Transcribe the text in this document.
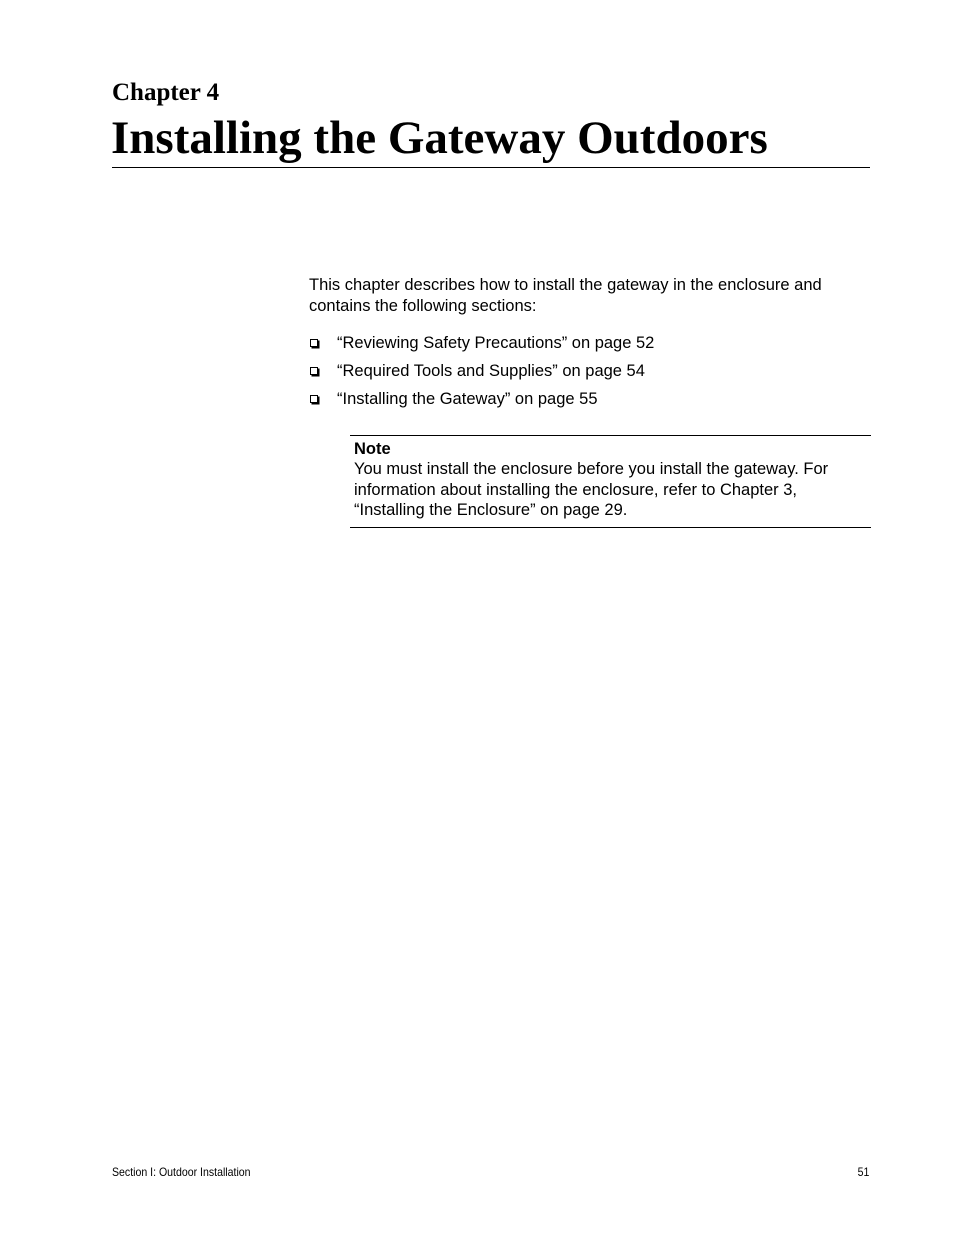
Chapter 4
Installing the Gateway Outdoors

This chapter describes how to install the gateway in the enclosure and contains the following sections:

“Reviewing Safety Precautions” on page 52
“Required Tools and Supplies” on page 54
“Installing the Gateway” on page 55
Note

You must install the enclosure before you install the gateway. For information about installing the enclosure, refer to Chapter 3, “Installing the Enclosure” on page 29.

Section I: Outdoor Installation	51
